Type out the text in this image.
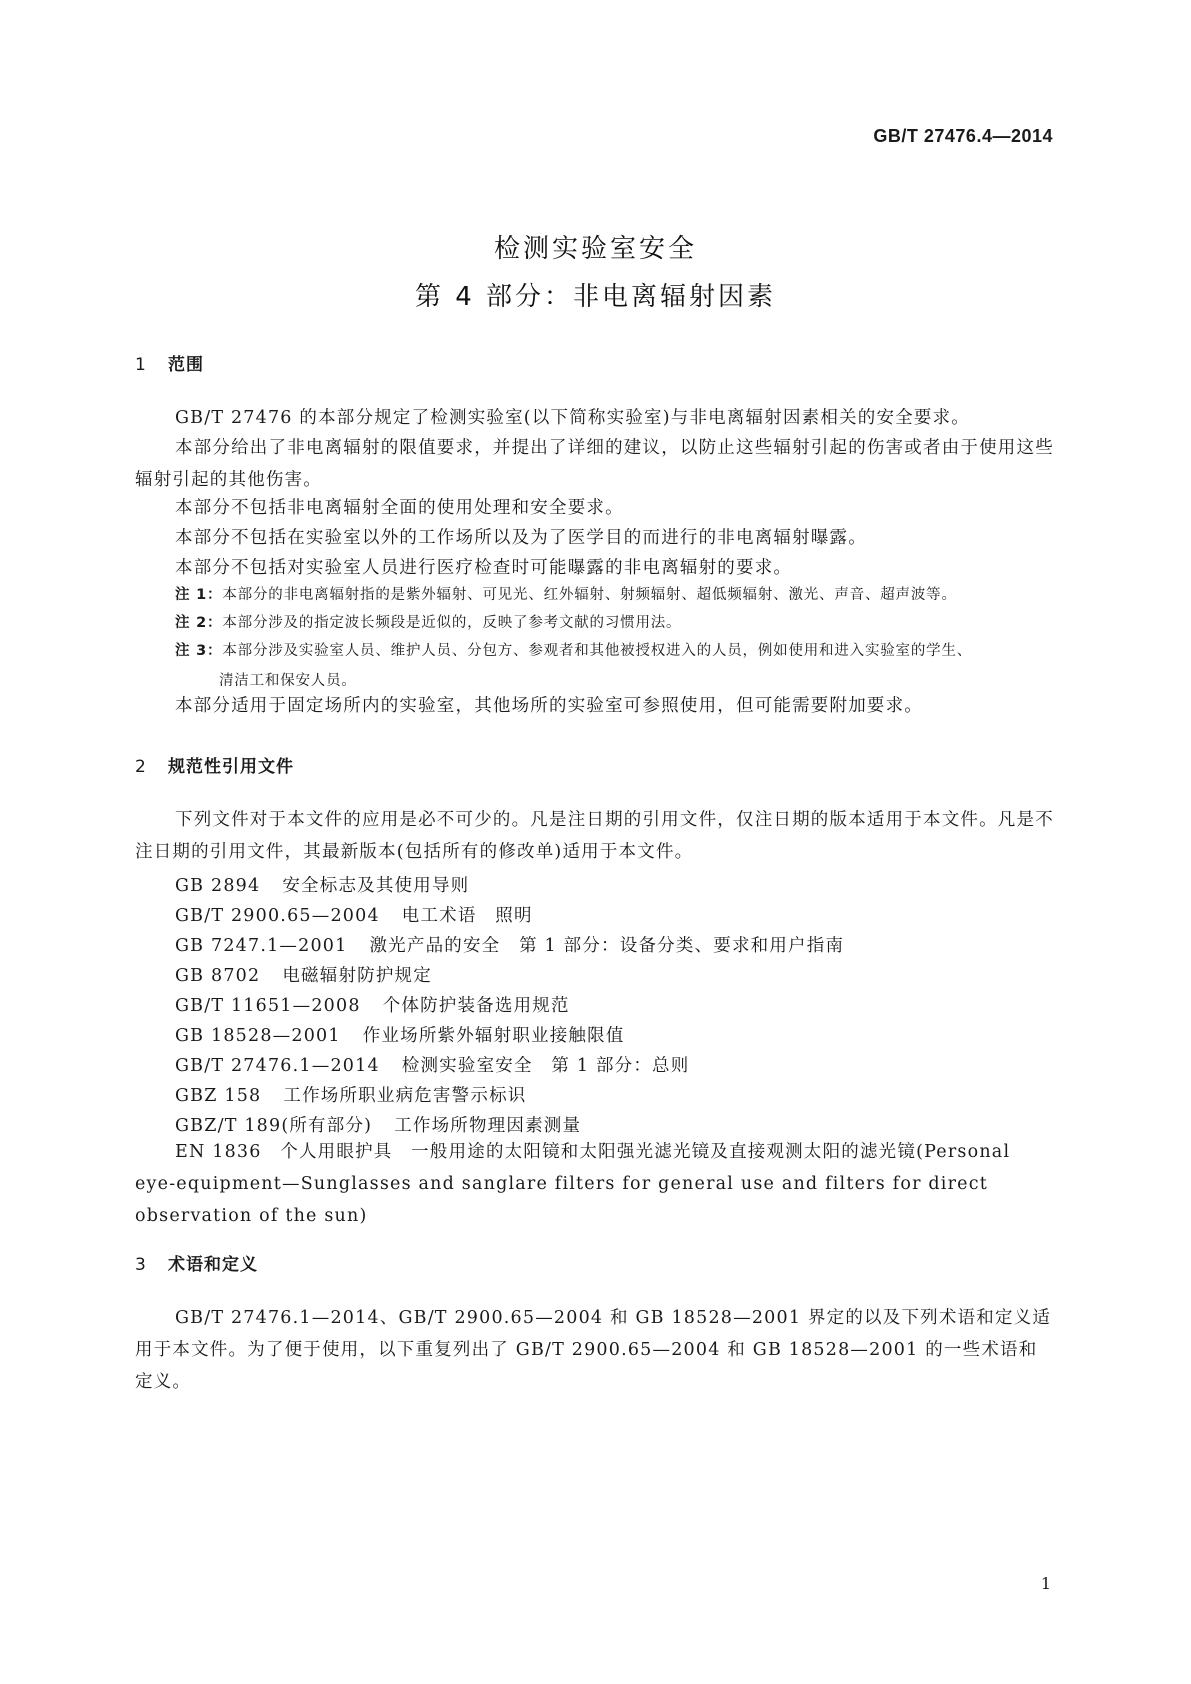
GB/T 27476.4—2014
检测实验室安全
第 4 部分：非电离辐射因素
1 范围

GB/T 27476 的本部分规定了检测实验室(以下简称实验室)与非电离辐射因素相关的安全要求。

本部分给出了非电离辐射的限值要求，并提出了详细的建议，以防止这些辐射引起的伤害或者由于使用这些辐射引起的其他伤害。

本部分不包括非电离辐射全面的使用处理和安全要求。

本部分不包括在实验室以外的工作场所以及为了医学目的而进行的非电离辐射曝露。

本部分不包括对实验室人员进行医疗检查时可能曝露的非电离辐射的要求。

注 1：本部分的非电离辐射指的是紫外辐射、可见光、红外辐射、射频辐射、超低频辐射、激光、声音、超声波等。

注 2：本部分涉及的指定波长频段是近似的，反映了参考文献的习惯用法。

注 3：本部分涉及实验室人员、维护人员、分包方、参观者和其他被授权进入的人员，例如使用和进入实验室的学生、
清洁工和保安人员。

本部分适用于固定场所内的实验室，其他场所的实验室可参照使用，但可能需要附加要求。

2 规范性引用文件

下列文件对于本文件的应用是必不可少的。凡是注日期的引用文件，仅注日期的版本适用于本文件。凡是不注日期的引用文件，其最新版本(包括所有的修改单)适用于本文件。

GB 2894 安全标志及其使用导则
GB/T 2900.65—2004 电工术语　照明
GB 7247.1—2001 激光产品的安全　第 1 部分：设备分类、要求和用户指南
GB 8702 电磁辐射防护规定
GB/T 11651—2008 个体防护装备选用规范
GB 18528—2001 作业场所紫外辐射职业接触限值
GB/T 27476.1—2014 检测实验室安全　第 1 部分：总则
GBZ 158 工作场所职业病危害警示标识
GBZ/T 189(所有部分) 工作场所物理因素测量

EN 1836　个人用眼护具　一般用途的太阳镜和太阳强光滤光镜及直接观测太阳的滤光镜(Personal eye-equipment—Sunglasses and sanglare filters for general use and filters for direct observation of the sun)

3 术语和定义

GB/T 27476.1—2014、GB/T 2900.65—2004 和 GB 18528—2001 界定的以及下列术语和定义适用于本文件。为了便于使用，以下重复列出了 GB/T 2900.65—2004 和 GB 18528—2001 的一些术语和定义。

1
